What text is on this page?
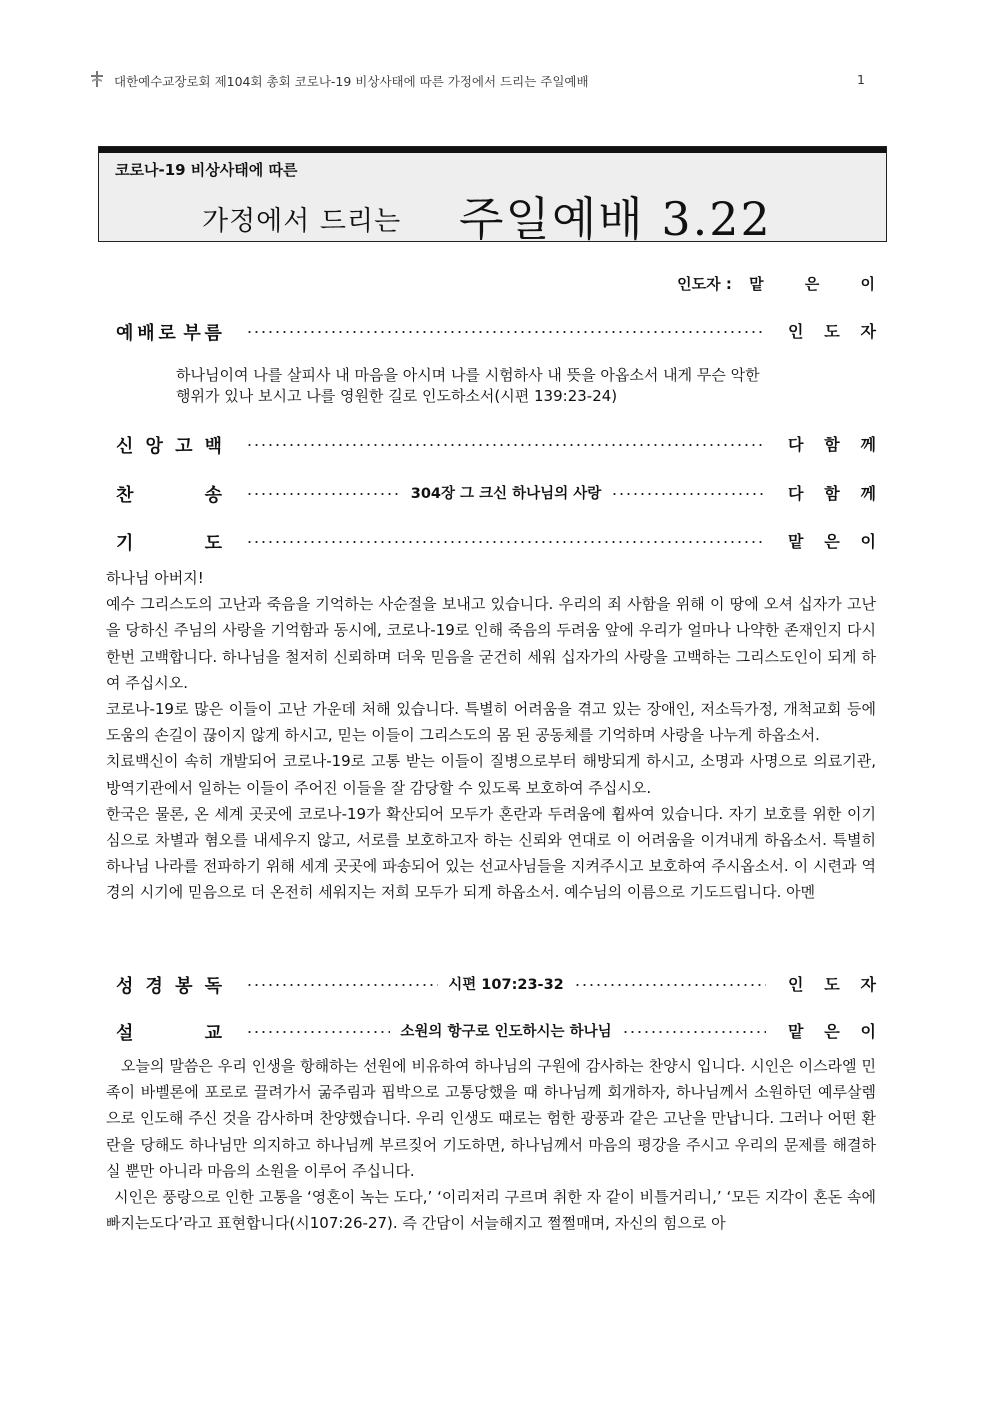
대한예수교장로회 제104회 총회 코로나-19 비상사태에 따른 가정에서 드리는 주일예배	1
코로나-19 비상사태에 따른
가정에서 드리는 주일예배 3.22
인도자 : 맡 은 이
예 배 로 부 름	인 도 자
하나님이여 나를 살피사 내 마음을 아시며 나를 시험하사 내 뜻을 아옵소서 내게 무슨 악한
행위가 있나 보시고 나를 영원한 길로 인도하소서(시편 139:23-24)
신 앙 고 백	다 함 께
찬	송	304장 그 크신 하나님의 사랑	다 함 께
기	도	맡 은 이

하나님 아버지!

예수 그리스도의 고난과 죽음을 기억하는 사순절을 보내고 있습니다. 우리의 죄 사함을 위해 이 땅에 오셔 십자가 고난을 당하신 주님의 사랑을 기억함과 동시에, 코로나-19로 인해 죽음의 두려움 앞에 우리가 얼마나 나약한 존재인지 다시 한번 고백합니다. 하나님을 철저히 신뢰하며 더욱 믿음을 굳건히 세워 십자가의 사랑을 고백하는 그리스도인이 되게 하여 주십시오.

코로나-19로 많은 이들이 고난 가운데 처해 있습니다. 특별히 어려움을 겪고 있는 장애인, 저소득가정, 개척교회 등에 도움의 손길이 끊이지 않게 하시고, 믿는 이들이 그리스도의 몸 된 공동체를 기억하며 사랑을 나누게 하옵소서.

치료백신이 속히 개발되어 코로나-19로 고통 받는 이들이 질병으로부터 해방되게 하시고, 소명과 사명으로 의료기관, 방역기관에서 일하는 이들이 주어진 이들을 잘 감당할 수 있도록 보호하여 주십시오.

한국은 물론, 온 세계 곳곳에 코로나-19가 확산되어 모두가 혼란과 두려움에 휩싸여 있습니다. 자기 보호를 위한 이기심으로 차별과 혐오를 내세우지 않고, 서로를 보호하고자 하는 신뢰와 연대로 이 어려움을 이겨내게 하옵소서. 특별히 하나님 나라를 전파하기 위해 세계 곳곳에 파송되어 있는 선교사님들을 지켜주시고 보호하여 주시옵소서. 이 시련과 역경의 시기에 믿음으로 더 온전히 세워지는 저희 모두가 되게 하옵소서. 예수님의 이름으로 기도드립니다. 아멘

성 경 봉 독	시편 107:23-32	인 도 자
설	교	소원의 항구로 인도하시는 하나님	맡 은 이

오늘의 말씀은 우리 인생을 항해하는 선원에 비유하여 하나님의 구원에 감사하는 찬양시 입니다. 시인은 이스라엘 민족이 바벨론에 포로로 끌려가서 굶주림과 핍박으로 고통당했을 때 하나님께 회개하자, 하나님께서 소원하던 예루살렘으로 인도해 주신 것을 감사하며 찬양했습니다. 우리 인생도 때로는 험한 광풍과 같은 고난을 만납니다. 그러나 어떤 환란을 당해도 하나님만 의지하고 하나님께 부르짖어 기도하면, 하나님께서 마음의 평강을 주시고 우리의 문제를 해결하실 뿐만 아니라 마음의 소원을 이루어 주십니다.

시인은 풍랑으로 인한 고통을 ‘영혼이 녹는 도다,’ ‘이리저리 구르며 취한 자 같이 비틀거리니,’ ‘모든 지각이 혼돈 속에 빠지는도다’라고 표현합니다(시107:26-27). 즉 간담이 서늘해지고 쩔쩔매며, 자신의 힘으로 아
